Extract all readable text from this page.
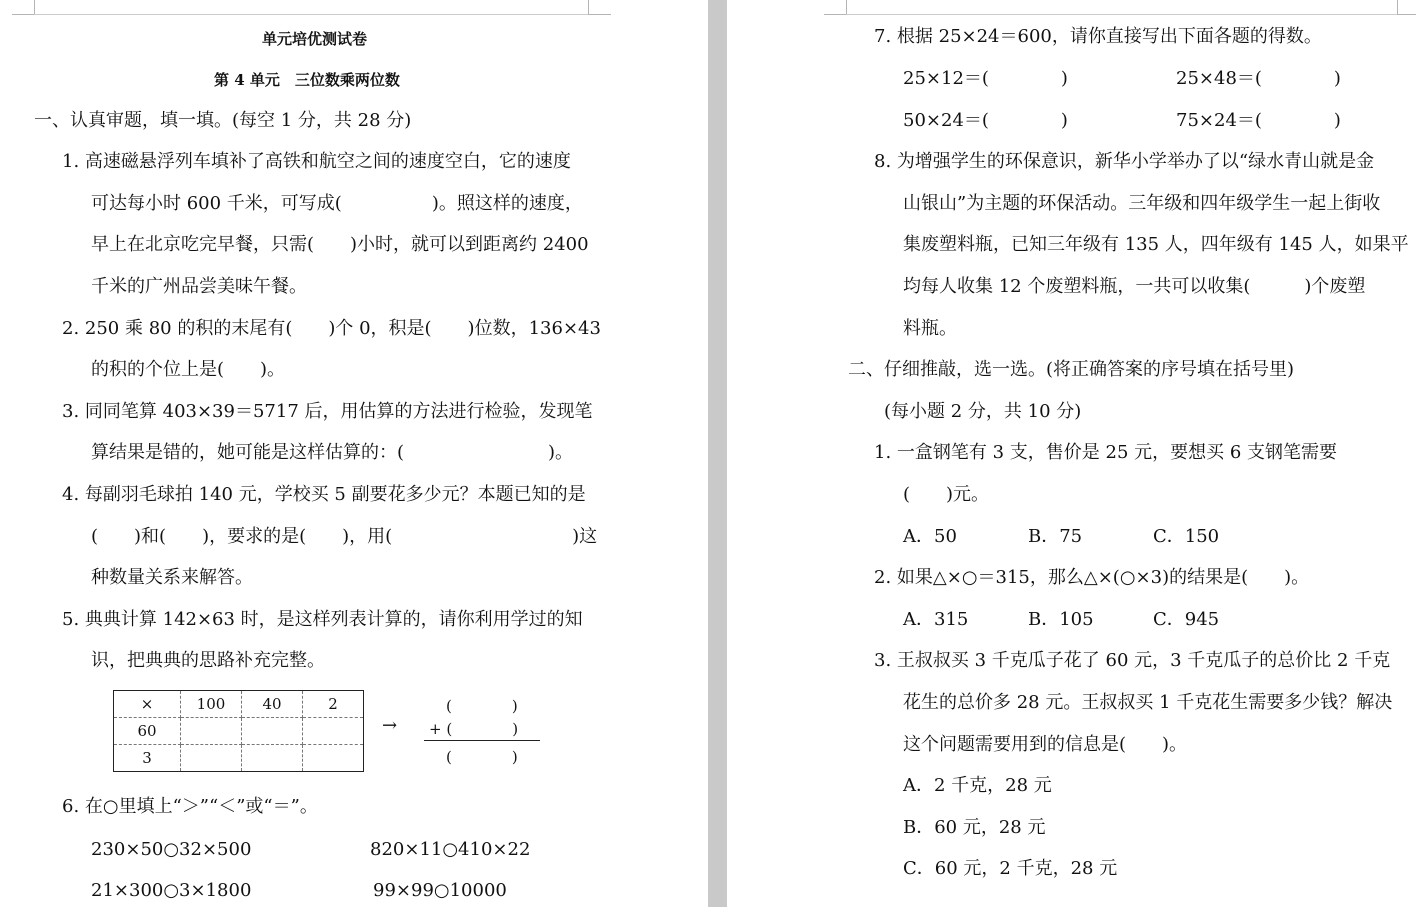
单元培优测试卷
第 4 单元　三位数乘两位数
一、认真审题，填一填。(每空 1 分，共 28 分)
1. 高速磁悬浮列车填补了高铁和航空之间的速度空白，它的速度
可达每小时 600 千米，可写成(　　　　　)。照这样的速度，
早上在北京吃完早餐，只需(　　)小时，就可以到距离约 2400
千米的广州品尝美味午餐。
2. 250 乘 80 的积的末尾有(　　)个 0，积是(　　)位数，136×43
的积的个位上是(　　)。
3. 同同笔算 403×39＝5717 后，用估算的方法进行检验，发现笔
算结果是错的，她可能是这样估算的：(　　　　　　　　)。
4. 每副羽毛球拍 140 元，学校买 5 副要花多少元？本题已知的是
(　　)和(　　)，要求的是(　　)，用(　　　　　　　　　　)这
种数量关系来解答。
5. 典典计算 142×63 时，是这样列表计算的，请你利用学过的知
识，把典典的思路补充完整。
×	100	40	2
60			
3			
→
(　　　　)
+ (　　　　)
(　　　　)
6. 在○里填上“＞”“＜”或“＝”。
230×50○32×500	820×11○410×22
21×300○3×1800	99×99○10000
7. 根据 25×24＝600，请你直接写出下面各题的得数。
25×12＝(　　　　)	25×48＝(　　　　)
50×24＝(　　　　)	75×24＝(　　　　)
8. 为增强学生的环保意识，新华小学举办了以“绿水青山就是金
山银山”为主题的环保活动。三年级和四年级学生一起上街收
集废塑料瓶，已知三年级有 135 人，四年级有 145 人，如果平
均每人收集 12 个废塑料瓶，一共可以收集(　　　)个废塑
料瓶。
二、仔细推敲，选一选。(将正确答案的序号填在括号里)
(每小题 2 分，共 10 分)
1. 一盒钢笔有 3 支，售价是 25 元，要想买 6 支钢笔需要
(　　)元。
A．50	B．75	C．150
2. 如果△×○＝315，那么△×(○×3)的结果是(　　)。
A．315	B．105	C．945
3. 王叔叔买 3 千克瓜子花了 60 元，3 千克瓜子的总价比 2 千克
花生的总价多 28 元。王叔叔买 1 千克花生需要多少钱？解决
这个问题需要用到的信息是(　　)。
A．2 千克，28 元
B．60 元，28 元
C．60 元，2 千克，28 元
